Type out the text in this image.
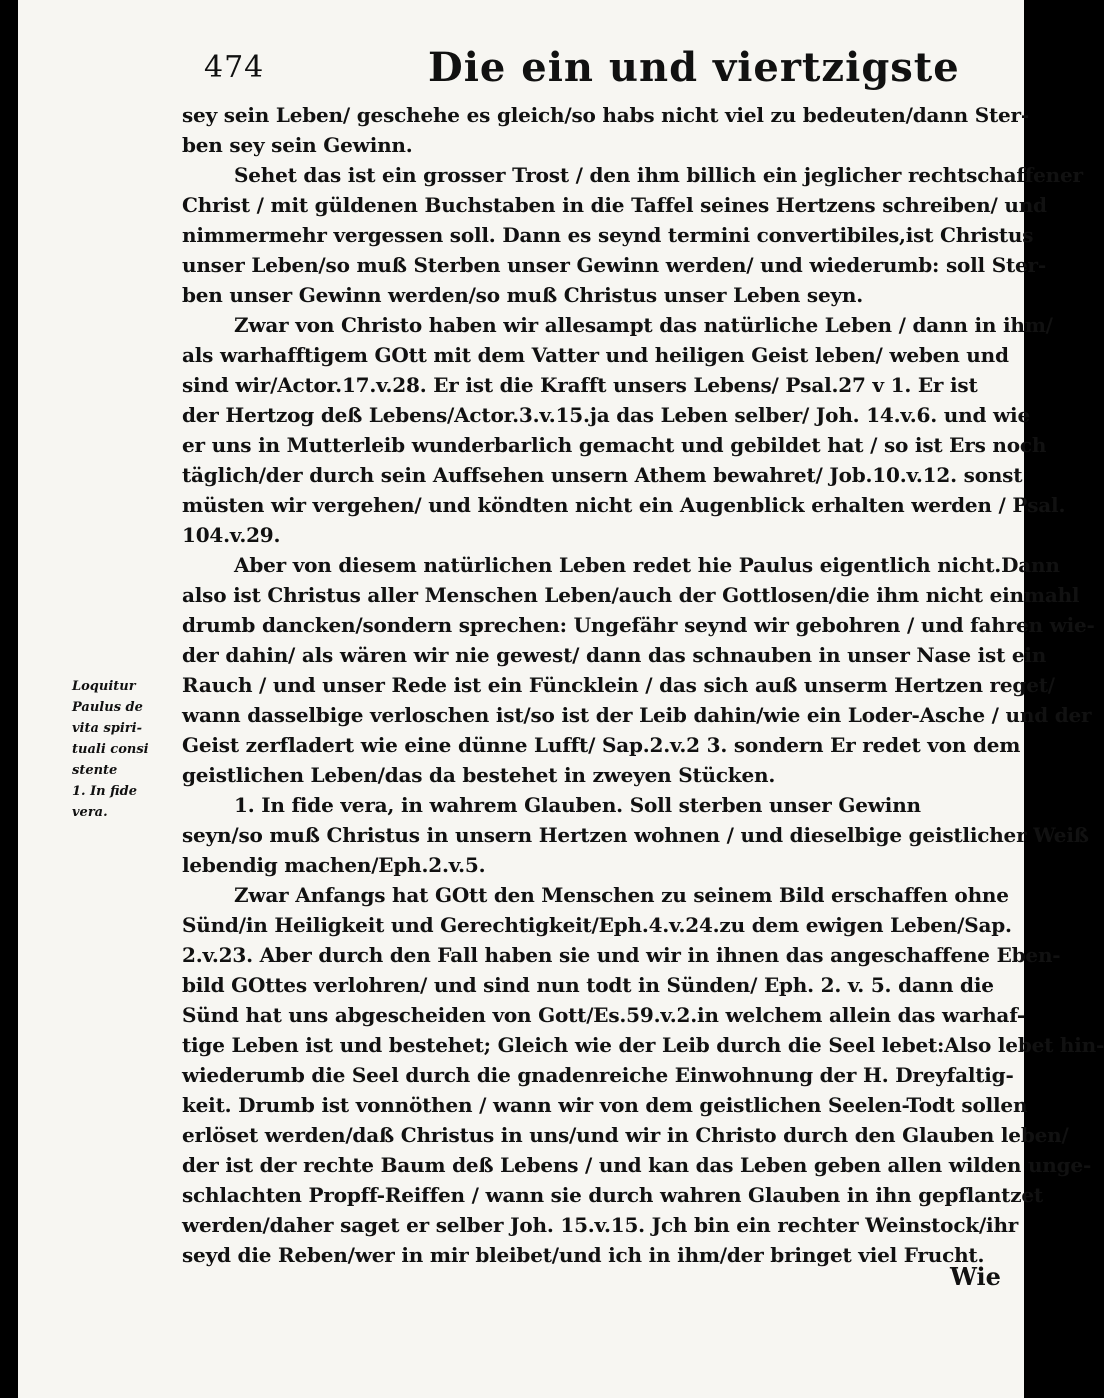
474	Die ein und viertzigste
sey sein Leben/ geschehe es gleich/so habs nicht viel zu bedeuten/dann Ster-
ben sey sein Gewinn.
Sehet das ist ein grosser Trost / den ihm billich ein jeglicher rechtschaffener
Christ / mit güldenen Buchstaben in die Taffel seines Hertzens schreiben/ und
nimmermehr vergessen soll. Dann es seynd termini convertibiles,ist Christus
unser Leben/so muß Sterben unser Gewinn werden/ und wiederumb: soll Ster-
ben unser Gewinn werden/so muß Christus unser Leben seyn.
Zwar von Christo haben wir allesampt das natürliche Leben / dann in ihm/
als warhafftigem GOtt mit dem Vatter und heiligen Geist leben/ weben und
sind wir/Actor.17.v.28. Er ist die Krafft unsers Lebens/ Psal.27 v 1. Er ist
der Hertzog deß Lebens/Actor.3.v.15.ja das Leben selber/ Joh. 14.v.6. und wie
er uns in Mutterleib wunderbarlich gemacht und gebildet hat / so ist Ers noch
täglich/der durch sein Auffsehen unsern Athem bewahret/ Job.10.v.12. sonst
müsten wir vergehen/ und köndten nicht ein Augenblick erhalten werden / Psal.
104.v.29.
Aber von diesem natürlichen Leben redet hie Paulus eigentlich nicht.Dann
also ist Christus aller Menschen Leben/auch der Gottlosen/die ihm nicht einmahl
drumb dancken/sondern sprechen: Ungefähr seynd wir gebohren / und fahren wie-
der dahin/ als wären wir nie gewest/ dann das schnauben in unser Nase ist ein
Rauch / und unser Rede ist ein Füncklein / das sich auß unserm Hertzen reget/
wann dasselbige verloschen ist/so ist der Leib dahin/wie ein Loder-Asche / und der
Geist zerfladert wie eine dünne Lufft/ Sap.2.v.2 3. sondern Er redet von dem
geistlichen Leben/das da bestehet in zweyen Stücken.
1. In fide vera, in wahrem Glauben. Soll sterben unser Gewinn
seyn/so muß Christus in unsern Hertzen wohnen / und dieselbige geistlicher Weiß
lebendig machen/Eph.2.v.5.
Zwar Anfangs hat GOtt den Menschen zu seinem Bild erschaffen ohne
Sünd/in Heiligkeit und Gerechtigkeit/Eph.4.v.24.zu dem ewigen Leben/Sap.
2.v.23. Aber durch den Fall haben sie und wir in ihnen das angeschaffene Eben-
bild GOttes verlohren/ und sind nun todt in Sünden/ Eph. 2. v. 5. dann die
Sünd hat uns abgescheiden von Gott/Es.59.v.2.in welchem allein das warhaf-
tige Leben ist und bestehet; Gleich wie der Leib durch die Seel lebet:Also lebet hin-
wiederumb die Seel durch die gnadenreiche Einwohnung der H. Dreyfaltig-
keit. Drumb ist vonnöthen / wann wir von dem geistlichen Seelen-Todt sollen
erlöset werden/daß Christus in uns/und wir in Christo durch den Glauben leben/
der ist der rechte Baum deß Lebens / und kan das Leben geben allen wilden unge-
schlachten Propff-Reiffen / wann sie durch wahren Glauben in ihn gepflantzet
werden/daher saget er selber Joh. 15.v.15. Jch bin ein rechter Weinstock/ihr
seyd die Reben/wer in mir bleibet/und ich in ihm/der bringet viel Frucht.
Loquitur
Paulus de
vita spiri-
tuali consi
stente
1. In fide
vera.
Wie
